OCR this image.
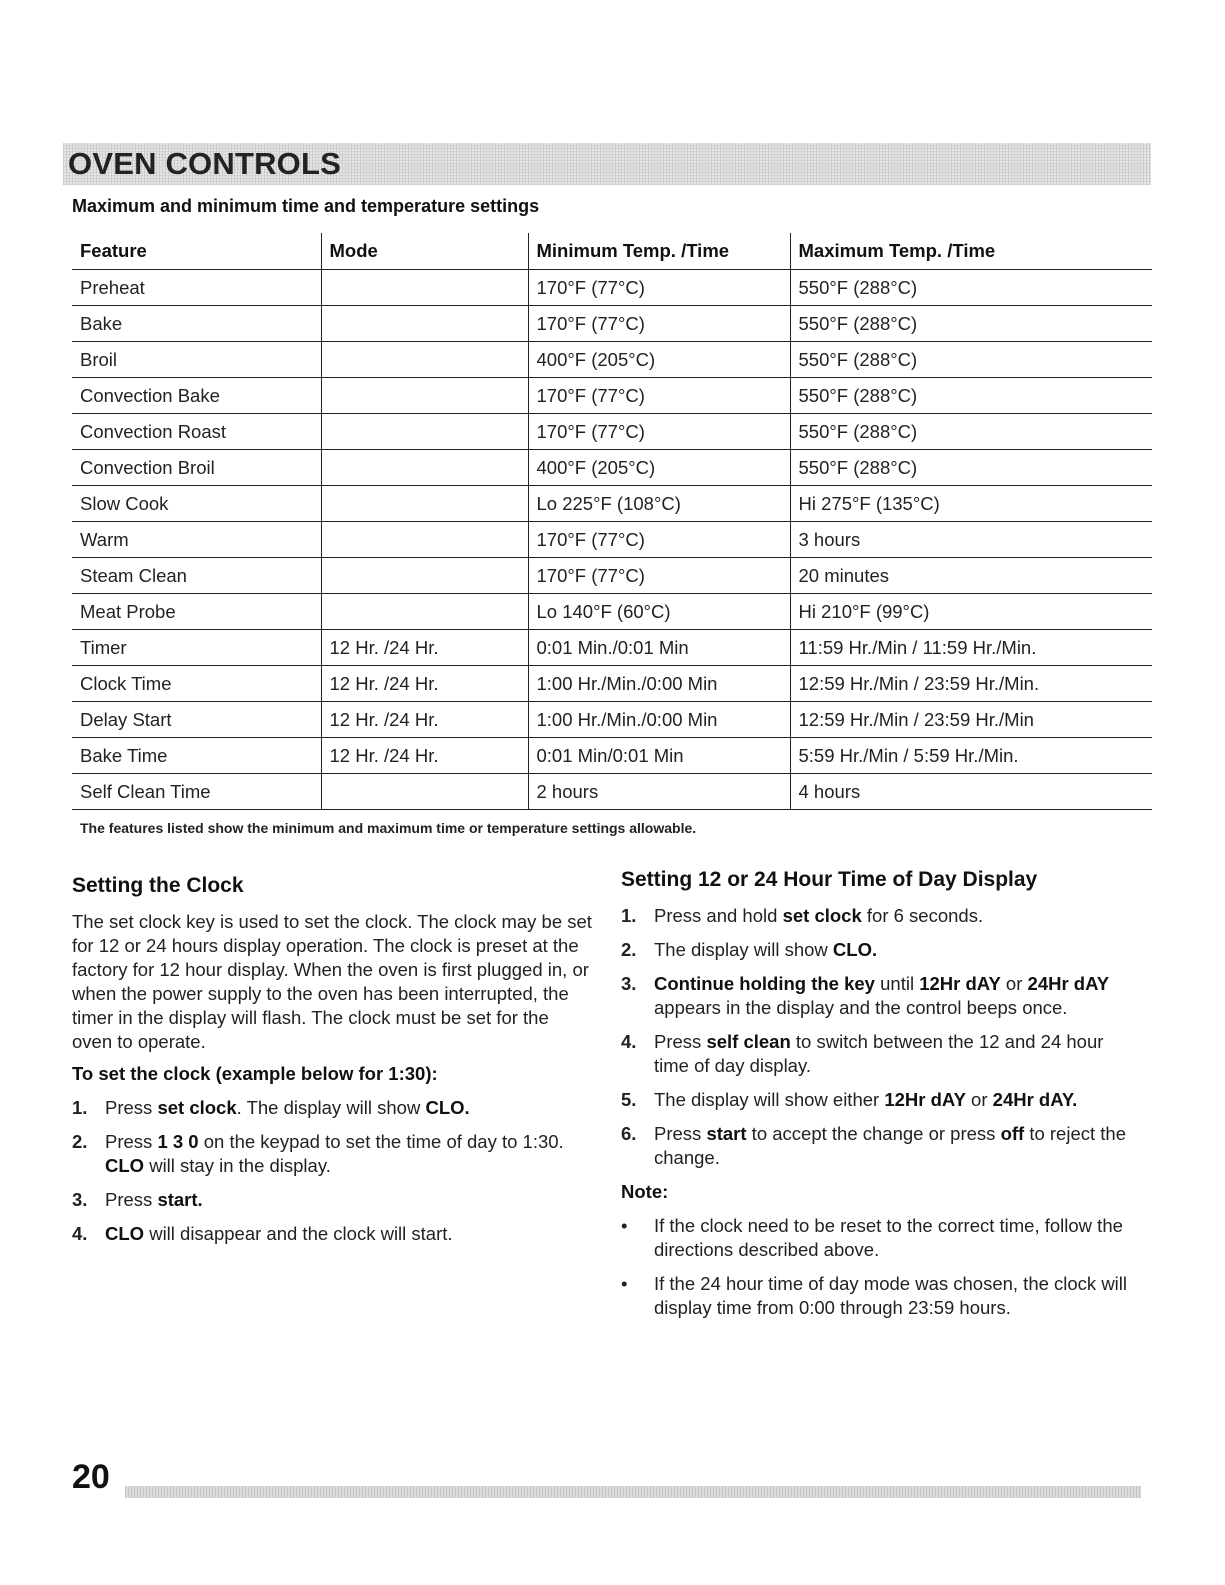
OVEN CONTROLS
Maximum and minimum time and temperature settings
Feature	Mode	Minimum Temp. /Time	Maximum Temp. /Time
Preheat		170°F (77°C)	550°F (288°C)
Bake		170°F (77°C)	550°F (288°C)
Broil		400°F (205°C)	550°F (288°C)
Convection Bake		170°F (77°C)	550°F (288°C)
Convection Roast		170°F (77°C)	550°F (288°C)
Convection Broil		400°F (205°C)	550°F (288°C)
Slow Cook		Lo 225°F (108°C)	Hi 275°F (135°C)
Warm		170°F (77°C)	3 hours
Steam Clean		170°F (77°C)	20 minutes
Meat Probe		Lo 140°F (60°C)	Hi 210°F (99°C)
Timer	12 Hr. /24 Hr.	0:01 Min./0:01 Min	11:59 Hr./Min / 11:59 Hr./Min.
Clock Time	12 Hr. /24 Hr.	1:00 Hr./Min./0:00 Min	12:59 Hr./Min / 23:59 Hr./Min.
Delay Start	12 Hr. /24 Hr.	1:00 Hr./Min./0:00 Min	12:59 Hr./Min / 23:59 Hr./Min
Bake Time	12 Hr. /24 Hr.	0:01 Min/0:01 Min	5:59 Hr./Min / 5:59 Hr./Min.
Self Clean Time		2 hours	4 hours
The features listed show the minimum and maximum time or temperature settings allowable.
Setting the Clock
The set clock key is used to set the clock. The clock may be set for 12 or 24 hours display operation. The clock is preset at the factory for 12 hour display. When the oven is first plugged in, or when the power supply to the oven has been interrupted, the timer in the display will flash. The clock must be set for the oven to operate.
To set the clock (example below for 1:30):
1. Press set clock. The display will show CLO.
2. Press 1 3 0 on the keypad to set the time of day to 1:30. CLO will stay in the display.
3. Press start.
4. CLO will disappear and the clock will start.
Setting 12 or 24 Hour Time of Day Display
1. Press and hold set clock for 6 seconds.
2. The display will show CLO.
3. Continue holding the key until 12Hr dAY or 24Hr dAY appears in the display and the control beeps once.
4. Press self clean to switch between the 12 and 24 hour time of day display.
5. The display will show either 12Hr dAY or 24Hr dAY.
6. Press start to accept the change or press off to reject the change.
Note:
• If the clock need to be reset to the correct time, follow the directions described above.
• If the 24 hour time of day mode was chosen, the clock will display time from 0:00 through 23:59 hours.
20
